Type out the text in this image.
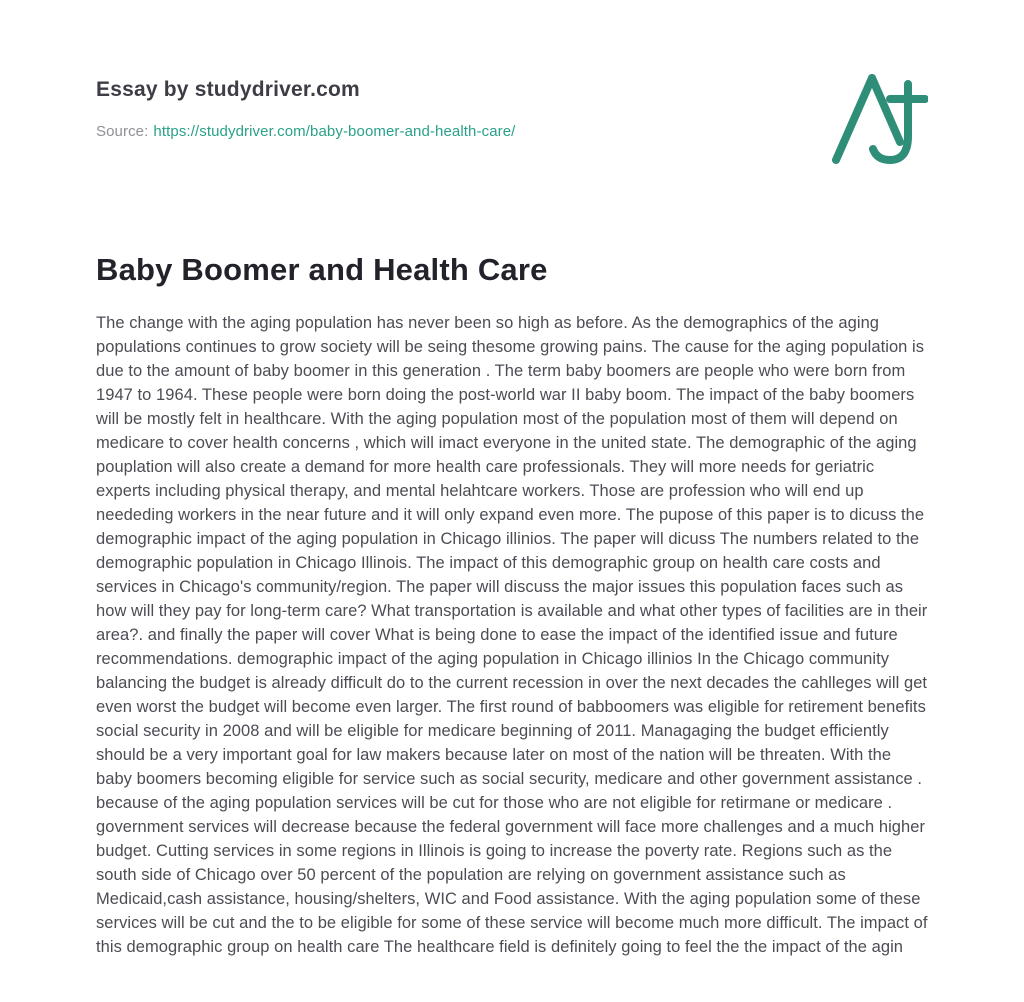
Essay by studydriver.com
Source: https://studydriver.com/baby-boomer-and-health-care/
Baby Boomer and Health Care

The change with the aging population has never been so high as before. As the demographics of the aging populations continues to grow society will be seing thesome growing pains. The cause for the aging population is due to the amount of baby boomer in this generation . The term baby boomers are people who were born from 1947 to 1964. These people were born doing the post-world war II baby boom. The impact of the baby boomers will be mostly felt in healthcare. With the aging population most of the population most of them will depend on medicare to cover health concerns , which will imact everyone in the united state. The demographic of the aging pouplation will also create a demand for more health care professionals. They will more needs for geriatric experts including physical therapy, and mental helahtcare workers. Those are profession who will end up neededing workers in the near future and it will only expand even more. The pupose of this paper is to dicuss the demographic impact of the aging population in Chicago illinios. The paper will dicuss The numbers related to the demographic population in Chicago Illinois. The impact of this demographic group on health care costs and services in Chicago's community/region. The paper will discuss the major issues this population faces such as how will they pay for long-term care? What transportation is available and what other types of facilities are in their area?. and finally the paper will cover What is being done to ease the impact of the identified issue and future recommendations. demographic impact of the aging population in Chicago illinios In the Chicago community balancing the budget is already difficult do to the current recession in over the next decades the cahlleges will get even worst the budget will become even larger. The first round of babboomers was eligible for retirement benefits social security in 2008 and will be eligible for medicare beginning of 2011. Managaging the budget efficiently should be a very important goal for law makers because later on most of the nation will be threaten. With the baby boomers becoming eligible for service such as social security, medicare and other government assistance . because of the aging population services will be cut for those who are not eligible for retirmane or medicare . government services will decrease because the federal government will face more challenges and a much higher budget. Cutting services in some regions in Illinois is going to increase the poverty rate. Regions such as the south side of Chicago over 50 percent of the population are relying on government assistance such as Medicaid,cash assistance, housing/shelters, WIC and Food assistance. With the aging population some of these services will be cut and the to be eligible for some of these service will become much more difficult. The impact of this demographic group on health care The healthcare field is definitely going to feel the the impact of the agin
